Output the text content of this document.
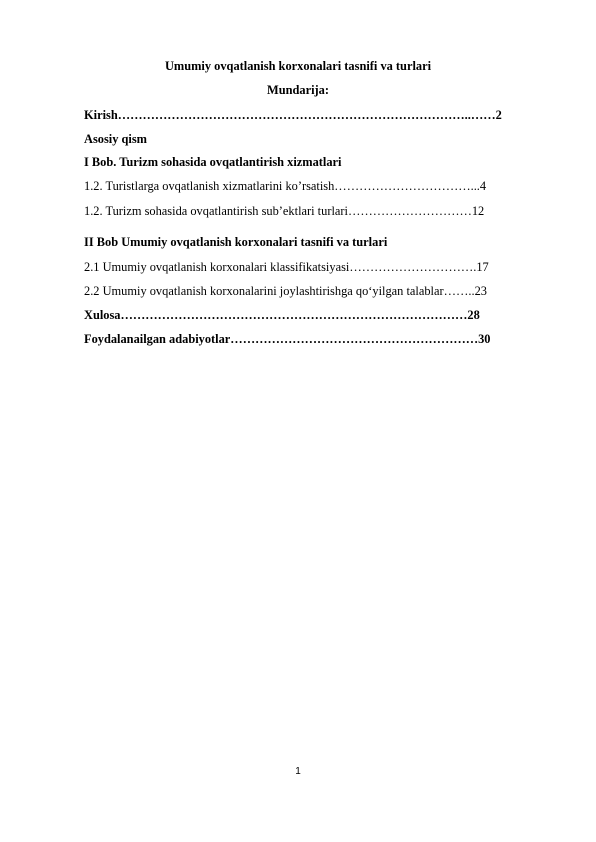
Umumiy ovqatlanish korxonalari tasnifi va turlari
Mundarija:
Kirish…………………………………………………………………………..……2
Asosiy qism
I Bob. Turizm sohasida ovqatlantirish xizmatlari
1.2. Turistlarga ovqatlanish xizmatlarini ko’rsatish……………………………...4
1.2. Turizm sohasida ovqatlantirish sub’ektlari turlari…………………………12
II Bob Umumiy ovqatlanish korxonalari tasnifi va turlari
2.1 Umumiy ovqatlanish korxonalari klassifikatsiyasi………………………….17
2.2 Umumiy ovqatlanish korxonalarini joylashtirishga qo‘yilgan talablar……..23
Xulosa…………………………………………………………………………28
Foydalanailgan adabiyotlar……………………………………………………30
1
